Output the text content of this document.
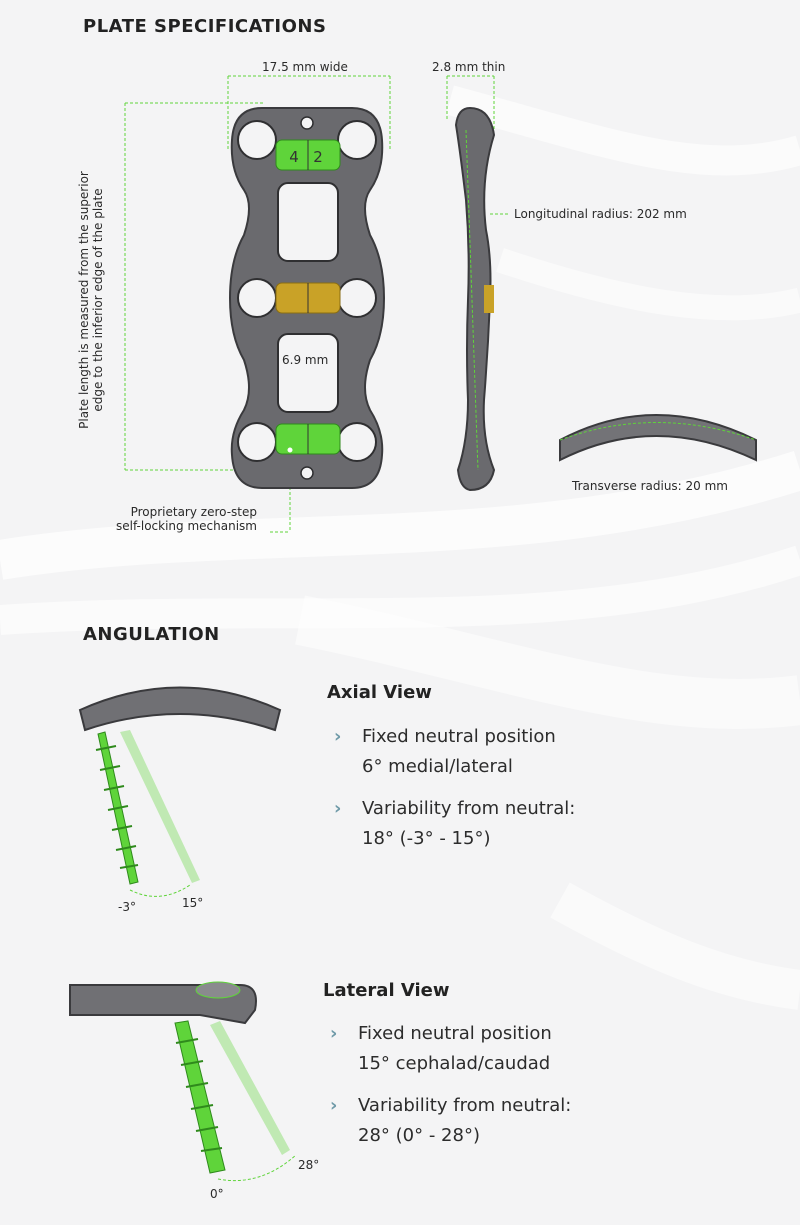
PLATE SPECIFICATIONS
4 2
17.5 mm wide	2.8 mm thin
6.9 mm
Longitudinal radius: 202 mm
Transverse radius: 20 mm
Proprietary zero-step
self-locking mechanism
Plate length is measured from the superior edge to the inferior edge of the plate
ANGULATION
-3°	15°
Axial View
› Fixed neutral position
6° medial/lateral
› Variability from neutral:
18° (-3° - 15°)
0°
28°
Lateral View
› Fixed neutral position
15° cephalad/caudad
› Variability from neutral:
28° (0° - 28°)
